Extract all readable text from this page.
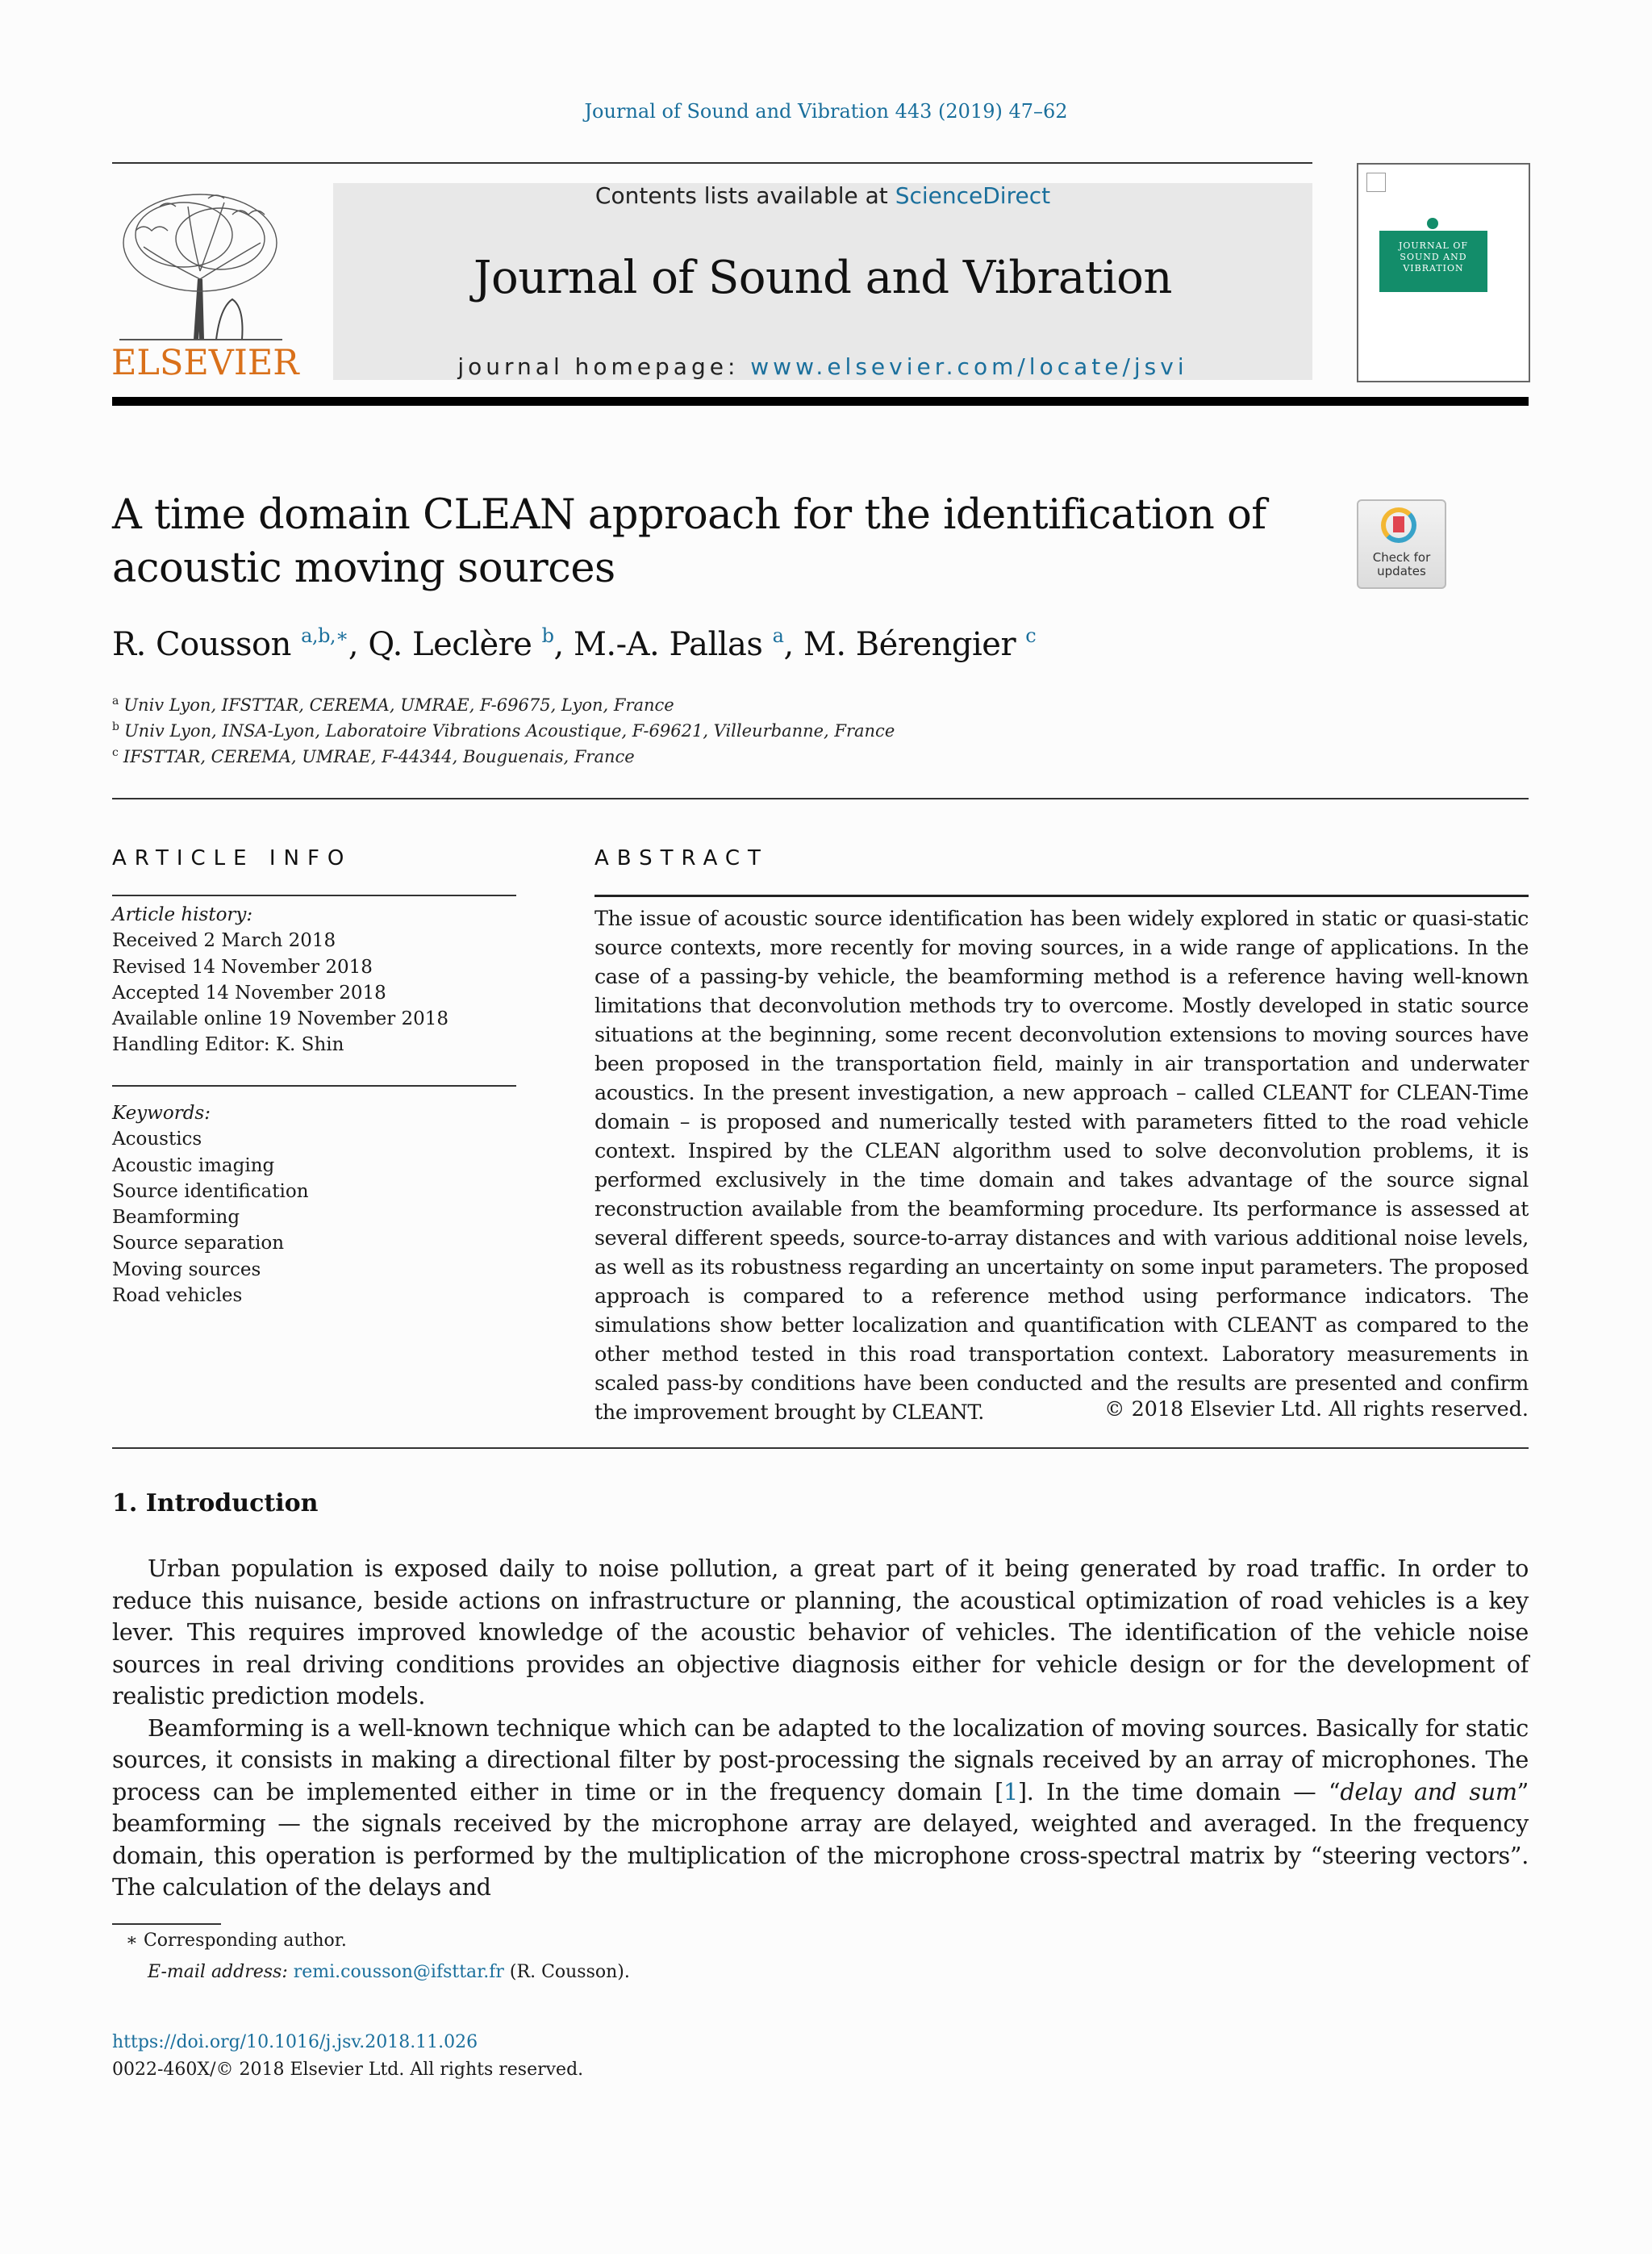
Journal of Sound and Vibration 443 (2019) 47–62
ELSEVIER
Contents lists available at ScienceDirect
Journal of Sound and Vibration
journal homepage: www.elsevier.com/locate/jsvi
JOURNAL OF SOUND AND VIBRATION
A time domain CLEAN approach for the identification of
acoustic moving sources	Check for updates
R. Cousson $^{a,b,∗}$, Q. Leclère $^b$, M.-A. Pallas $^a$, M. Bérengier $^c$
$^a$ Univ Lyon, IFSTTAR, CEREMA, UMRAE, F-69675, Lyon, France
$^b$ Univ Lyon, INSA-Lyon, Laboratoire Vibrations Acoustique, F-69621, Villeurbanne, France
$^c$ IFSTTAR, CEREMA, UMRAE, F-44344, Bouguenais, France
ARTICLE INFO
Article history:
Received 2 March 2018
Revised 14 November 2018
Accepted 14 November 2018
Available online 19 November 2018
Handling Editor: K. Shin
Keywords:
Acoustics
Acoustic imaging
Source identification
Beamforming
Source separation
Moving sources
Road vehicles
ABSTRACT
The issue of acoustic source identification has been widely explored in static or quasi-static source contexts, more recently for moving sources, in a wide range of applications. In the case of a passing-by vehicle, the beamforming method is a reference having well-known limitations that deconvolution methods try to overcome. Mostly developed in static source situations at the beginning, some recent deconvolution extensions to moving sources have been proposed in the transportation field, mainly in air transportation and underwater acoustics. In the present investigation, a new approach – called CLEANT for CLEAN-Time domain – is proposed and numerically tested with parameters fitted to the road vehicle context. Inspired by the CLEAN algorithm used to solve deconvolution problems, it is performed exclusively in the time domain and takes advantage of the source signal reconstruction available from the beamforming procedure. Its performance is assessed at several different speeds, source-to-array distances and with various additional noise levels, as well as its robustness regarding an uncertainty on some input parameters. The proposed approach is compared to a reference method using performance indicators. The simulations show better localization and quantification with CLEANT as compared to the other method tested in this road transportation context. Laboratory measurements in scaled pass-by conditions have been conducted and the results are presented and confirm the improvement brought by CLEANT.	© 2018 Elsevier Ltd. All rights reserved.
1. Introduction

Urban population is exposed daily to noise pollution, a great part of it being generated by road traffic. In order to reduce this nuisance, beside actions on infrastructure or planning, the acoustical optimization of road vehicles is a key lever. This requires improved knowledge of the acoustic behavior of vehicles. The identification of the vehicle noise sources in real driving conditions provides an objective diagnosis either for vehicle design or for the development of realistic prediction models.

Beamforming is a well-known technique which can be adapted to the localization of moving sources. Basically for static sources, it consists in making a directional filter by post-processing the signals received by an array of microphones. The process can be implemented either in time or in the frequency domain [1]. In the time domain — “delay and sum” beamforming — the signals received by the microphone array are delayed, weighted and averaged. In the frequency domain, this operation is performed by the multiplication of the microphone cross-spectral matrix by “steering vectors”. The calculation of the delays and

∗ Corresponding author.
E-mail address: remi.cousson@ifsttar.fr (R. Cousson).
https://doi.org/10.1016/j.jsv.2018.11.026
0022-460X/© 2018 Elsevier Ltd. All rights reserved.
